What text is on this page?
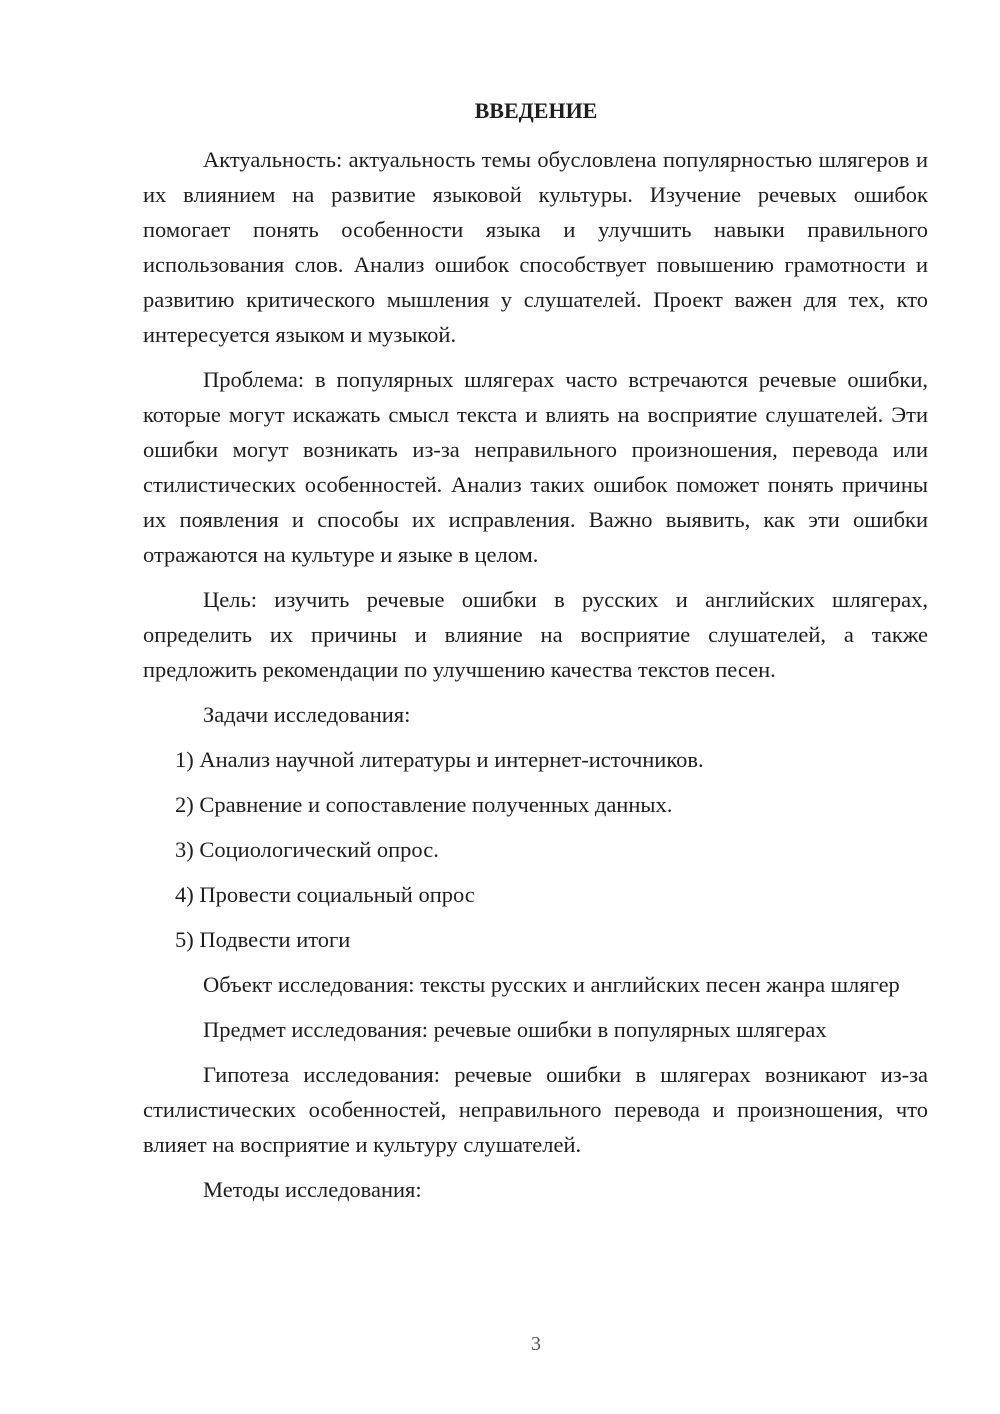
ВВЕДЕНИЕ

Актуальность: актуальность темы обусловлена популярностью шлягеров и их влиянием на развитие языковой культуры. Изучение речевых ошибок помогает понять особенности языка и улучшить навыки правильного использования слов. Анализ ошибок способствует повышению грамотности и развитию критического мышления у слушателей. Проект важен для тех, кто интересуется языком и музыкой.

Проблема: в популярных шлягерах часто встречаются речевые ошибки, которые могут искажать смысл текста и влиять на восприятие слушателей. Эти ошибки могут возникать из-за неправильного произношения, перевода или стилистических особенностей. Анализ таких ошибок поможет понять причины их появления и способы их исправления. Важно выявить, как эти ошибки отражаются на культуре и языке в целом.

Цель: изучить речевые ошибки в русских и английских шлягерах, определить их причины и влияние на восприятие слушателей, а также предложить рекомендации по улучшению качества текстов песен.

Задачи исследования:

1) Анализ научной литературы и интернет-источников.

2) Сравнение и сопоставление полученных данных.

3) Социологический опрос.

4) Провести социальный опрос

5) Подвести итоги

Объект исследования: тексты русских и английских песен жанра шлягер

Предмет исследования: речевые ошибки в популярных шлягерах

Гипотеза исследования: речевые ошибки в шлягерах возникают из-за стилистических особенностей, неправильного перевода и произношения, что влияет на восприятие и культуру слушателей.

Методы исследования:

3
